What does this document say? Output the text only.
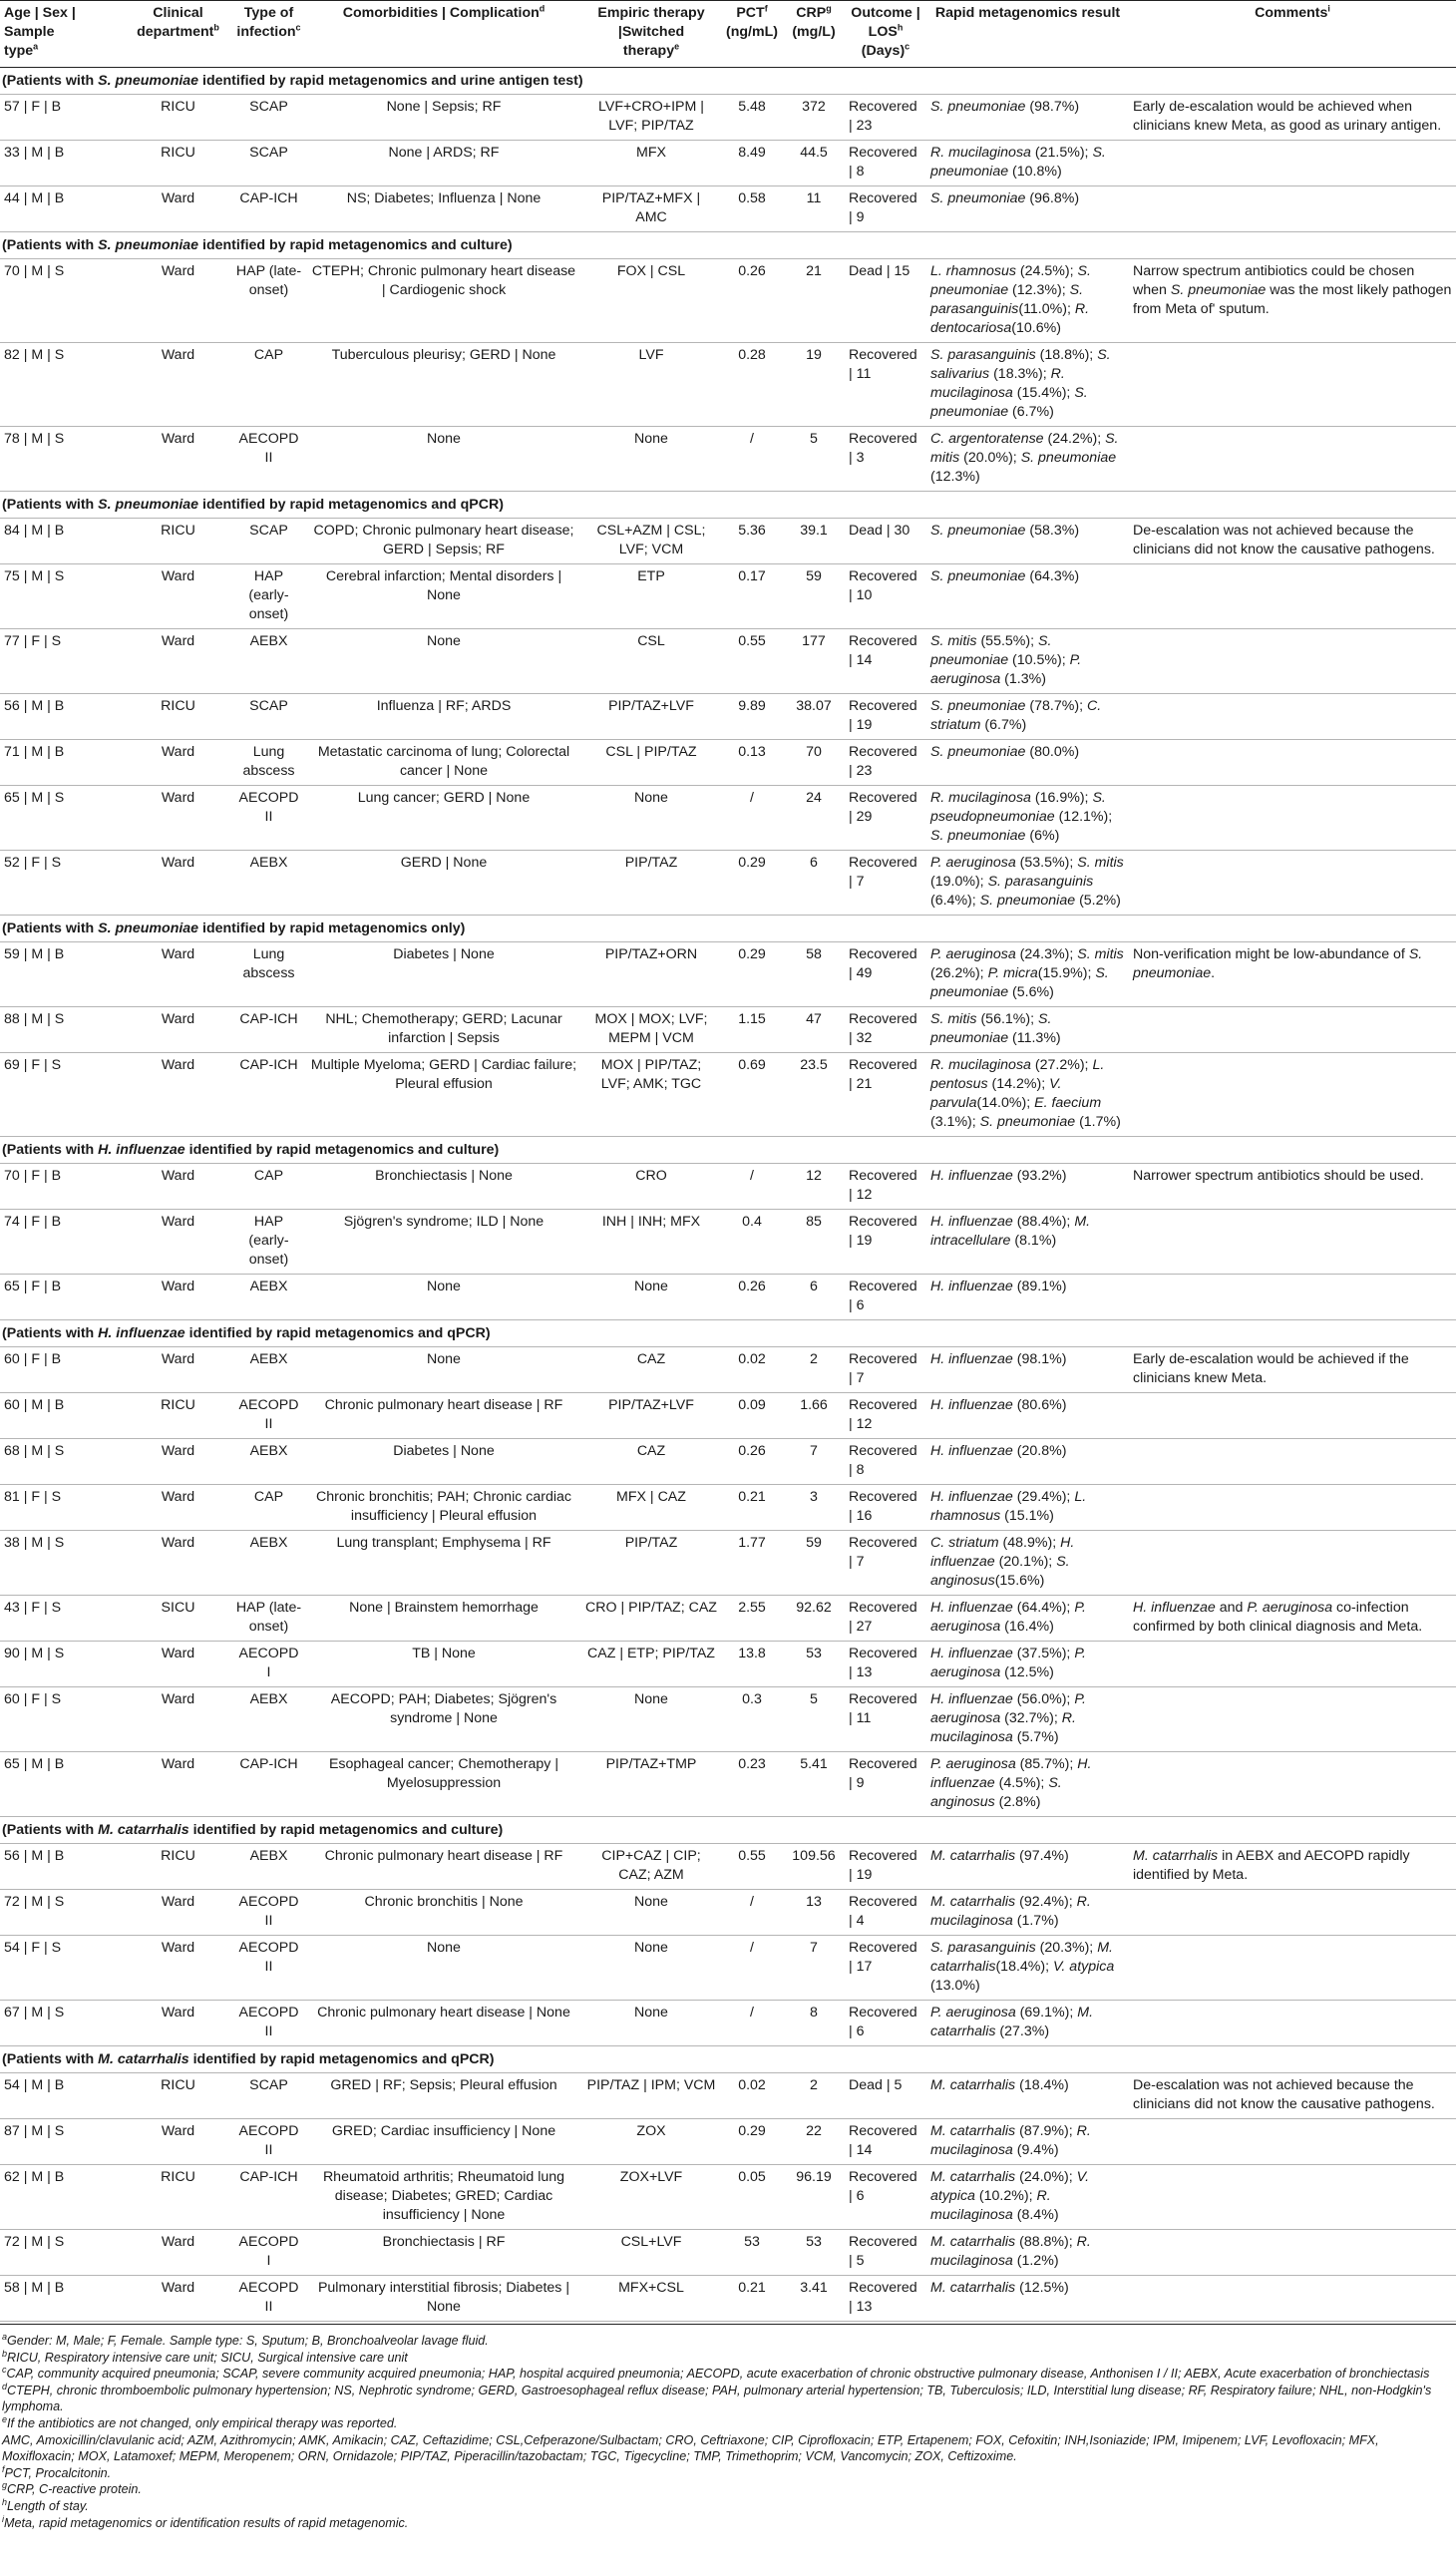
Age | Sex |
Sample
type$^a$	Clinical
department$^b$	Type of
infection$^c$	Comorbidities | Complication$^d$	Empiric therapy
|Switched
therapy$^e$	PCT$^f$
(ng/mL)	CRP$^g$
(mg/L)	Outcome |
LOS$^h$
(Days)$^c$	Rapid metagenomics result	Comments$^i$
(Patients with S. pneumoniae identified by rapid metagenomics and urine antigen test)									
57 | F | B	RICU	SCAP	None | Sepsis; RF	LVF+CRO+IPM | LVF; PIP/TAZ	5.48	372	Recovered | 23	S. pneumoniae (98.7%)	Early de-escalation would be achieved when clinicians knew Meta, as good as urinary antigen.
33 | M | B	RICU	SCAP	None | ARDS; RF	MFX	8.49	44.5	Recovered | 8	R. mucilaginosa (21.5%); S. pneumoniae (10.8%)	
44 | M | B	Ward	CAP-ICH	NS; Diabetes; Influenza | None	PIP/TAZ+MFX | AMC	0.58	11	Recovered | 9	S. pneumoniae (96.8%)	
(Patients with S. pneumoniae identified by rapid metagenomics and culture)									
70 | M | S	Ward	HAP (late-onset)	CTEPH; Chronic pulmonary heart disease | Cardiogenic shock	FOX | CSL	0.26	21	Dead | 15	L. rhamnosus (24.5%); S. pneumoniae (12.3%); S. parasanguinis(11.0%); R. dentocariosa(10.6%)	Narrow spectrum antibiotics could be chosen when S. pneumoniae was the most likely pathogen from Meta of' sputum.
82 | M | S	Ward	CAP	Tuberculous pleurisy; GERD | None	LVF	0.28	19	Recovered | 11	S. parasanguinis (18.8%); S. salivarius (18.3%); R. mucilaginosa (15.4%); S. pneumoniae (6.7%)	
78 | M | S	Ward	AECOPD II	None	None	/	5	Recovered | 3	C. argentoratense (24.2%); S. mitis (20.0%); S. pneumoniae (12.3%)	
(Patients with S. pneumoniae identified by rapid metagenomics and qPCR)									
84 | M | B	RICU	SCAP	COPD; Chronic pulmonary heart disease; GERD | Sepsis; RF	CSL+AZM | CSL; LVF; VCM	5.36	39.1	Dead | 30	S. pneumoniae (58.3%)	De-escalation was not achieved because the clinicians did not know the causative pathogens.
75 | M | S	Ward	HAP (early-onset)	Cerebral infarction; Mental disorders | None	ETP	0.17	59	Recovered | 10	S. pneumoniae (64.3%)	
77 | F | S	Ward	AEBX	None	CSL	0.55	177	Recovered | 14	S. mitis (55.5%); S. pneumoniae (10.5%); P. aeruginosa (1.3%)	
56 | M | B	RICU	SCAP	Influenza | RF; ARDS	PIP/TAZ+LVF	9.89	38.07	Recovered | 19	S. pneumoniae (78.7%); C. striatum (6.7%)	
71 | M | B	Ward	Lung abscess	Metastatic carcinoma of lung; Colorectal cancer | None	CSL | PIP/TAZ	0.13	70	Recovered | 23	S. pneumoniae (80.0%)	
65 | M | S	Ward	AECOPD II	Lung cancer; GERD | None	None	/	24	Recovered | 29	R. mucilaginosa (16.9%); S. pseudopneumoniae (12.1%); S. pneumoniae (6%)	
52 | F | S	Ward	AEBX	GERD | None	PIP/TAZ	0.29	6	Recovered | 7	P. aeruginosa (53.5%); S. mitis (19.0%); S. parasanguinis (6.4%); S. pneumoniae (5.2%)	
(Patients with S. pneumoniae identified by rapid metagenomics only)									
59 | M | B	Ward	Lung abscess	Diabetes | None	PIP/TAZ+ORN	0.29	58	Recovered | 49	P. aeruginosa (24.3%); S. mitis (26.2%); P. micra(15.9%); S. pneumoniae (5.6%)	Non-verification might be low-abundance of S. pneumoniae.
88 | M | S	Ward	CAP-ICH	NHL; Chemotherapy; GERD; Lacunar infarction | Sepsis	MOX | MOX; LVF; MEPM | VCM	1.15	47	Recovered | 32	S. mitis (56.1%); S. pneumoniae (11.3%)	
69 | F | S	Ward	CAP-ICH	Multiple Myeloma; GERD | Cardiac failure; Pleural effusion	MOX | PIP/TAZ; LVF; AMK; TGC	0.69	23.5	Recovered | 21	R. mucilaginosa (27.2%); L. pentosus (14.2%); V. parvula(14.0%); E. faecium (3.1%); S. pneumoniae (1.7%)	
(Patients with H. influenzae identified by rapid metagenomics and culture)									
70 | F | B	Ward	CAP	Bronchiectasis | None	CRO	/	12	Recovered | 12	H. influenzae (93.2%)	Narrower spectrum antibiotics should be used.
74 | F | B	Ward	HAP (early-onset)	Sjögren's syndrome; ILD | None	INH | INH; MFX	0.4	85	Recovered | 19	H. influenzae (88.4%); M. intracellulare (8.1%)	
65 | F | B	Ward	AEBX	None	None	0.26	6	Recovered | 6	H. influenzae (89.1%)	
(Patients with H. influenzae identified by rapid metagenomics and qPCR)									
60 | F | B	Ward	AEBX	None	CAZ	0.02	2	Recovered | 7	H. influenzae (98.1%)	Early de-escalation would be achieved if the clinicians knew Meta.
60 | M | B	RICU	AECOPD II	Chronic pulmonary heart disease | RF	PIP/TAZ+LVF	0.09	1.66	Recovered | 12	H. influenzae (80.6%)	
68 | M | S	Ward	AEBX	Diabetes | None	CAZ	0.26	7	Recovered | 8	H. influenzae (20.8%)	
81 | F | S	Ward	CAP	Chronic bronchitis; PAH; Chronic cardiac insufficiency | Pleural effusion	MFX | CAZ	0.21	3	Recovered | 16	H. influenzae (29.4%); L. rhamnosus (15.1%)	
38 | M | S	Ward	AEBX	Lung transplant; Emphysema | RF	PIP/TAZ	1.77	59	Recovered | 7	C. striatum (48.9%); H. influenzae (20.1%); S. anginosus(15.6%)	
43 | F | S	SICU	HAP (late-onset)	None | Brainstem hemorrhage	CRO | PIP/TAZ; CAZ	2.55	92.62	Recovered | 27	H. influenzae (64.4%); P. aeruginosa (16.4%)	H. influenzae and P. aeruginosa co-infection confirmed by both clinical diagnosis and Meta.
90 | M | S	Ward	AECOPD I	TB | None	CAZ | ETP; PIP/TAZ	13.8	53	Recovered | 13	H. influenzae (37.5%); P. aeruginosa (12.5%)	
60 | F | S	Ward	AEBX	AECOPD; PAH; Diabetes; Sjögren's syndrome | None	None	0.3	5	Recovered | 11	H. influenzae (56.0%); P. aeruginosa (32.7%); R. mucilaginosa (5.7%)	
65 | M | B	Ward	CAP-ICH	Esophageal cancer; Chemotherapy | Myelosuppression	PIP/TAZ+TMP	0.23	5.41	Recovered | 9	P. aeruginosa (85.7%); H. influenzae (4.5%); S. anginosus (2.8%)	
(Patients with M. catarrhalis identified by rapid metagenomics and culture)									
56 | M | B	RICU	AEBX	Chronic pulmonary heart disease | RF	CIP+CAZ | CIP; CAZ; AZM	0.55	109.56	Recovered | 19	M. catarrhalis (97.4%)	M. catarrhalis in AEBX and AECOPD rapidly identified by Meta.
72 | M | S	Ward	AECOPD II	Chronic bronchitis | None	None	/	13	Recovered | 4	M. catarrhalis (92.4%); R. mucilaginosa (1.7%)	
54 | F | S	Ward	AECOPD II	None	None	/	7	Recovered | 17	S. parasanguinis (20.3%); M. catarrhalis(18.4%); V. atypica (13.0%)	
67 | M | S	Ward	AECOPD II	Chronic pulmonary heart disease | None	None	/	8	Recovered | 6	P. aeruginosa (69.1%); M. catarrhalis (27.3%)	
(Patients with M. catarrhalis identified by rapid metagenomics and qPCR)									
54 | M | B	RICU	SCAP	GRED | RF; Sepsis; Pleural effusion	PIP/TAZ | IPM; VCM	0.02	2	Dead | 5	M. catarrhalis (18.4%)	De-escalation was not achieved because the clinicians did not know the causative pathogens.
87 | M | S	Ward	AECOPD II	GRED; Cardiac insufficiency | None	ZOX	0.29	22	Recovered | 14	M. catarrhalis (87.9%); R. mucilaginosa (9.4%)	
62 | M | B	RICU	CAP-ICH	Rheumatoid arthritis; Rheumatoid lung disease; Diabetes; GRED; Cardiac insufficiency | None	ZOX+LVF	0.05	96.19	Recovered | 6	M. catarrhalis (24.0%); V. atypica (10.2%); R. mucilaginosa (8.4%)	
72 | M | S	Ward	AECOPD I	Bronchiectasis | RF	CSL+LVF	53	53	Recovered | 5	M. catarrhalis (88.8%); R. mucilaginosa (1.2%)	
58 | M | B	Ward	AECOPD II	Pulmonary interstitial fibrosis; Diabetes | None	MFX+CSL	0.21	3.41	Recovered | 13	M. catarrhalis (12.5%)	
$^a$Gender: M, Male; F, Female. Sample type: S, Sputum; B, Bronchoalveolar lavage fluid.
$^b$RICU, Respiratory intensive care unit; SICU, Surgical intensive care unit
$^c$CAP, community acquired pneumonia; SCAP, severe community acquired pneumonia; HAP, hospital acquired pneumonia; AECOPD, acute exacerbation of chronic obstructive pulmonary disease, Anthonisen I / II; AEBX, Acute exacerbation of bronchiectasis
$^d$CTEPH, chronic thromboembolic pulmonary hypertension; NS, Nephrotic syndrome; GERD, Gastroesophageal reflux disease; PAH, pulmonary arterial hypertension; TB, Tuberculosis; ILD, Interstitial lung disease; RF, Respiratory failure; NHL, non-Hodgkin's lymphoma.
$^e$If the antibiotics are not changed, only empirical therapy was reported.
AMC, Amoxicillin/clavulanic acid; AZM, Azithromycin; AMK, Amikacin; CAZ, Ceftazidime; CSL,Cefperazone/Sulbactam; CRO, Ceftriaxone; CIP, Ciprofloxacin; ETP, Ertapenem; FOX, Cefoxitin; INH,Isoniazide; IPM, Imipenem; LVF, Levofloxacin; MFX, Moxifloxacin; MOX, Latamoxef; MEPM, Meropenem; ORN, Ornidazole; PIP/TAZ, Piperacillin/tazobactam; TGC, Tigecycline; TMP, Trimethoprim; VCM, Vancomycin; ZOX, Ceftizoxime.
$^f$PCT, Procalcitonin.
$^g$CRP, C-reactive protein.
$^h$Length of stay.
$^i$Meta, rapid metagenomics or identification results of rapid metagenomic.
